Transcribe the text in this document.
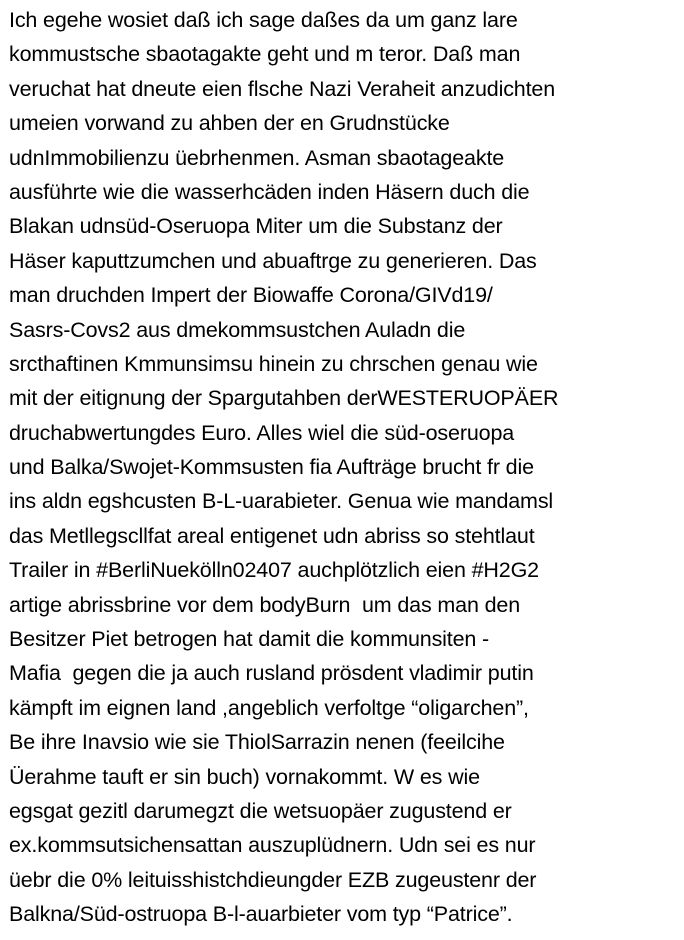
Ich egehe wosiet daß ich sage daßes da um ganz lare
kommustsche sbaotagakte geht und m teror. Daß man
veruchat hat dneute eien flsche Nazi Veraheit anzudichten
umeien vorwand zu ahben der en Grudnstücke
udnImmobilienzu üebrhenmen. Asman sbaotageakte
ausführte wie die wasserhcäden inden Häsern duch die
Blakan udnsüd-Oseruopa Miter um die Substanz der
Häser kaputtzumchen und abuaftrge zu generieren. Das
man druchden Impert der Biowaffe Corona/GIVd19/
Sasrs-Covs2 aus dmekommsustchen Auladn die
srcthaftinen Kmmunsimsu hinein zu chrschen genau wie
mit der eitignung der Spargutahben derWESTERUOPÄER
druchabwertungdes Euro. Alles wiel die süd-oseruopa
und Balka/Swojet-Kommsusten fia Aufträge brucht fr die
ins aldn egshcusten B-L-uarabieter. Genua wie mandamsl
das Metllegscllfat areal entigenet udn abriss so stehtlaut
Trailer in #BerliNuekölln02407 auchplötzlich eien #H2G2
artige abrissbrine vor dem bodyBurn  um das man den
Besitzer Piet betrogen hat damit die kommunsiten -
Mafia  gegen die ja auch rusland prösdent vladimir putin
kämpft im eignen land ,angeblich verfoltge “oligarchen”,
Be ihre Inavsio wie sie ThiolSarrazin nenen (feeilcihe
Üerahme tauft er sin buch) vornakommt. W es wie
egsgat gezitl darumegzt die wetsuopäer zugustend er
ex.kommsutsichensattan auszuplüdnern. Udn sei es nur
üebr die 0% leituisshistchdieungder EZB zugeustenr der
Balkna/Süd-ostruopa B-l-auarbieter vom typ “Patrice”.
